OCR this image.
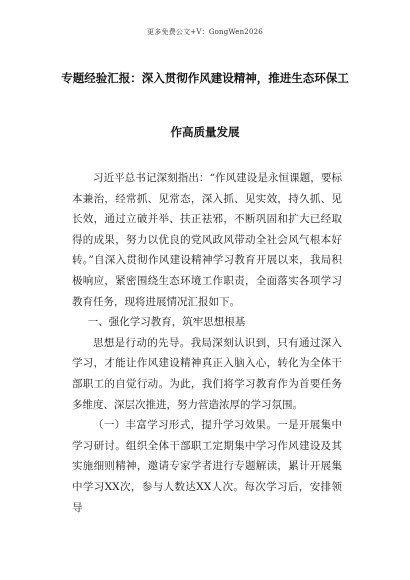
更多免费公文+V：GongWen2026
专题经验汇报：深入贯彻作风建设精神，推进生态环保工
作高质量发展

习近平总书记深刻指出：“作风建设是永恒课题，要标本兼治，经常抓、见常态，深入抓、见实效，持久抓、见长效，通过立破并举、扶正祛邪，不断巩固和扩大已经取得的成果，努力以优良的党风政风带动全社会风气根本好转。”自深入贯彻作风建设精神学习教育开展以来，我局积极响应，紧密围绕生态环境工作职责，全面落实各项学习教育任务，现将进展情况汇报如下。

一、强化学习教育，筑牢思想根基

思想是行动的先导。我局深刻认识到，只有通过深入学习，才能让作风建设精神真正入脑入心，转化为全体干部职工的自觉行动。为此，我们将学习教育作为首要任务多维度、深层次推进，努力营造浓厚的学习氛围。

（一）丰富学习形式，提升学习效果。一是开展集中学习研讨。组织全体干部职工定期集中学习作风建设及其实施细则精神，邀请专家学者进行专题解读，累计开展集中学习XX次，参与人数达XX人次。每次学习后，安排领导
